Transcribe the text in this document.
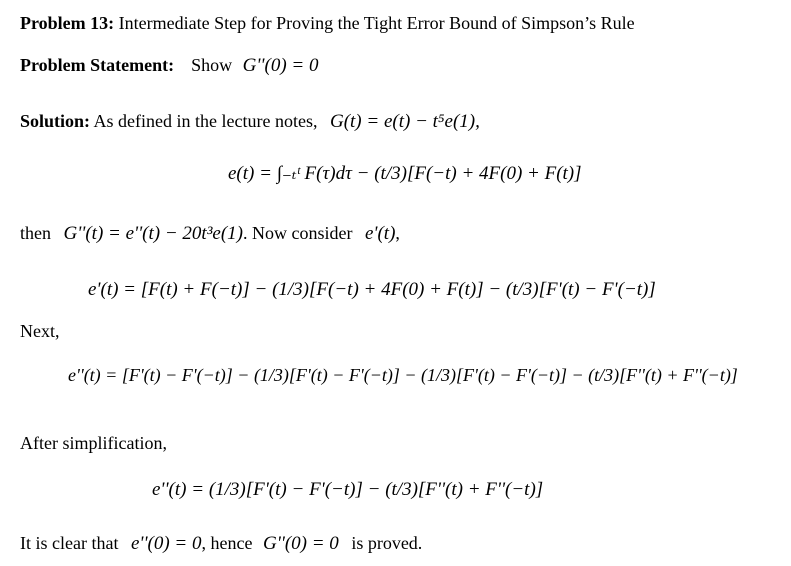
Problem 13: Intermediate Step for Proving the Tight Error Bound of Simpson’s Rule
Problem Statement: Show G''(0) = 0
Solution: As defined in the lecture notes, G(t) = e(t) − t⁵e(1),
e(t) = ∫₋ₜᵗ F(τ)dτ − (t/3)[F(−t) + 4F(0) + F(t)]
then G''(t) = e''(t) − 20t³e(1). Now consider e'(t),
e'(t) = [F(t) + F(−t)] − (1/3)[F(−t) + 4F(0) + F(t)] − (t/3)[F'(t) − F'(−t)]
Next,
e''(t) = [F'(t) − F'(−t)] − (1/3)[F'(t) − F'(−t)] − (1/3)[F'(t) − F'(−t)] − (t/3)[F''(t) + F''(−t)]
After simplification,
e''(t) = (1/3)[F'(t) − F'(−t)] − (t/3)[F''(t) + F''(−t)]
It is clear that e''(0) = 0, hence G''(0) = 0 is proved.
